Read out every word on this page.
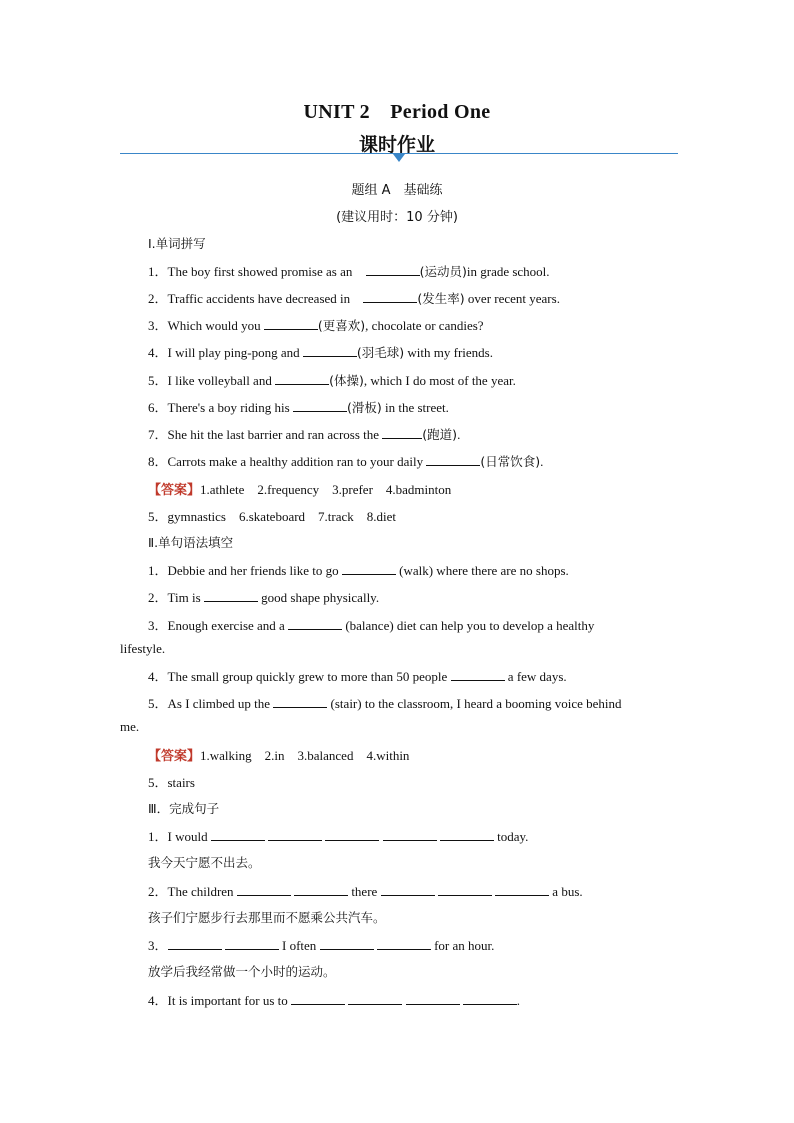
UNIT 2　Period One
课时作业
题组 A　基础练
(建议用时：10 分钟)
Ⅰ.单词拼写
1．The boy first showed promise as an	(运动员)in grade school.
2．Traffic accidents have decreased in	(发生率) over recent years.
3．Which would you	(更喜欢), chocolate or candies?
4．I will play ping-pong and	(羽毛球) with my friends.
5．I like volleyball and	(体操), which I do most of the year.
6．There's a boy riding his	(滑板) in the street.
7．She hit the last barrier and ran across the	(跑道).
8．Carrots make a healthy addition ran to your daily	(日常饮食).
【答案】1.athlete　2.frequency　3.prefer　4.badminton
5．gymnastics　6.skateboard　7.track　8.diet
Ⅱ.单句语法填空
1．Debbie and her friends like to go	(walk) where there are no shops.
2．Tim is	good shape physically.
3．Enough exercise and a	(balance) diet can help you to develop a healthy
lifestyle.
4．The small group quickly grew to more than 50 people	a few days.
5．As I climbed up the	(stair) to the classroom, I heard a booming voice behind
me.
【答案】1.walking　2.in　3.balanced　4.within
5．stairs
Ⅲ．完成句子
1．I would	today.
我今天宁愿不出去。
2．The children	there	a bus.
孩子们宁愿步行去那里而不愿乘公共汽车。
3．	I often	for an hour.
放学后我经常做一个小时的运动。
4．It is important for us to	.
